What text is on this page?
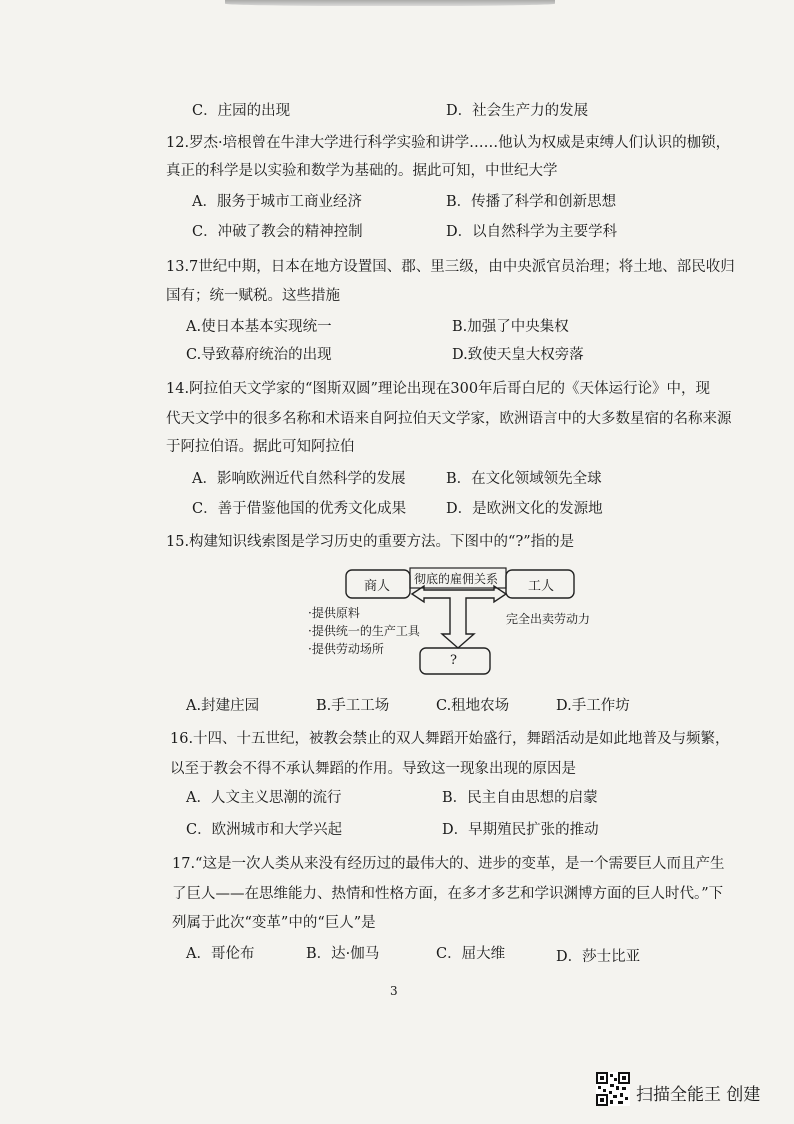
C．庄园的出现	D．社会生产力的发展
12.罗杰·培根曾在牛津大学进行科学实验和讲学……他认为权威是束缚人们认识的枷锁，
真正的科学是以实验和数学为基础的。据此可知，中世纪大学
A．服务于城市工商业经济	B．传播了科学和创新思想
C．冲破了教会的精神控制	D．以自然科学为主要学科
13.7世纪中期，日本在地方设置国、郡、里三级，由中央派官员治理；将土地、部民收归
国有；统一赋税。这些措施
A.使日本基本实现统一	B.加强了中央集权
C.导致幕府统治的出现	D.致使天皇大权旁落
14.阿拉伯天文学家的“图斯双圆”理论出现在300年后哥白尼的《天体运行论》中，现
代天文学中的很多名称和术语来自阿拉伯天文学家，欧洲语言中的大多数星宿的名称来源
于阿拉伯语。据此可知阿拉伯
A．影响欧洲近代自然科学的发展	B．在文化领域领先全球
C．善于借鉴他国的优秀文化成果	D．是欧洲文化的发源地
15.构建知识线索图是学习历史的重要方法。下图中的“?”指的是
商人	工人
彻底的雇佣关系
·提供原料
·提供统一的生产工具
·提供劳动场所
完全出卖劳动力
?
A.封建庄园	B.手工工场	C.租地农场	D.手工作坊
16.十四、十五世纪，被教会禁止的双人舞蹈开始盛行，舞蹈活动是如此地普及与频繁，
以至于教会不得不承认舞蹈的作用。导致这一现象出现的原因是
A．人文主义思潮的流行	B．民主自由思想的启蒙
C．欧洲城市和大学兴起	D．早期殖民扩张的推动
17.“这是一次人类从来没有经历过的最伟大的、进步的变革，是一个需要巨人而且产生
了巨人——在思维能力、热情和性格方面，在多才多艺和学识渊博方面的巨人时代。”下
列属于此次“变革”中的“巨人”是
A．哥伦布	B．达·伽马	C．屈大维	D．莎士比亚
3
扫描全能王 创建
